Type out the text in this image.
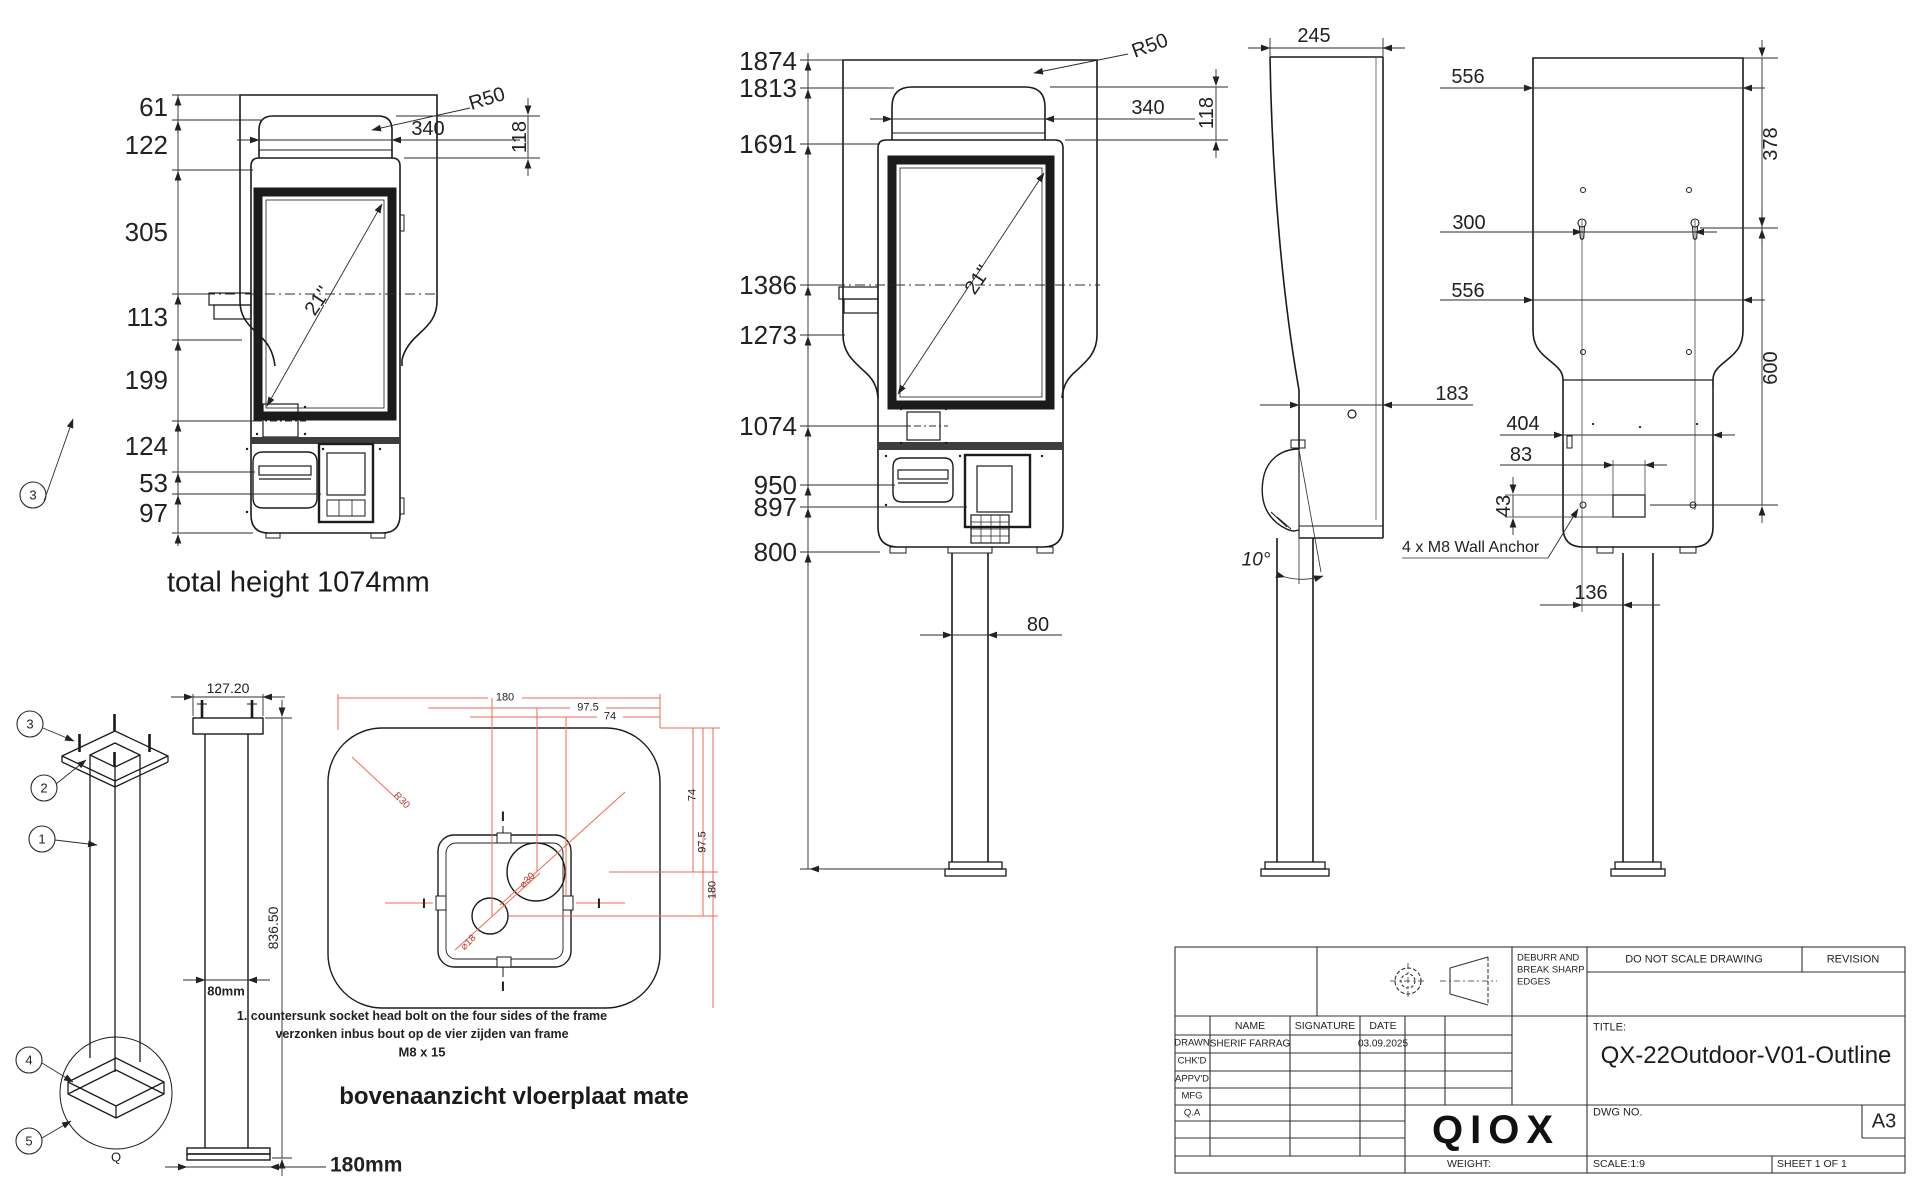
61
122
305
113
199
124
53
97
R50
340	118
21''
3
total height 1074mm
1874
1813
1691
1386
1273
1074
950
897
800
R50
340 118
21''
80
245
183
10°
556
378
300
556
600
404
83
43
136
4 x M8 Wall Anchor
3
2
1
4
5
Q
127.20
836.50
80mm
180mm
180
97.5
74
74
97.5
180
R30
⌀30
⌀18
I
I	I
I
1. countersunk socket head bolt on the four sides of the frame
verzonken inbus bout op de vier zijden van frame
M8 x 15
bovenaanzicht vloerplaat mate
DEBURR AND
BREAK SHARP
EDGES
DO NOT SCALE DRAWING	REVISION
NAME	SIGNATURE DATE
DRAWN SHERIF FARRAG	03.09.2025
CHK'D
APPV'D
MFG
Q.A
TITLE:
QX-22Outdoor-V01-Outline
QIOX	DWG NO.	A3
WEIGHT:	SCALE:1:9	SHEET 1 OF 1
